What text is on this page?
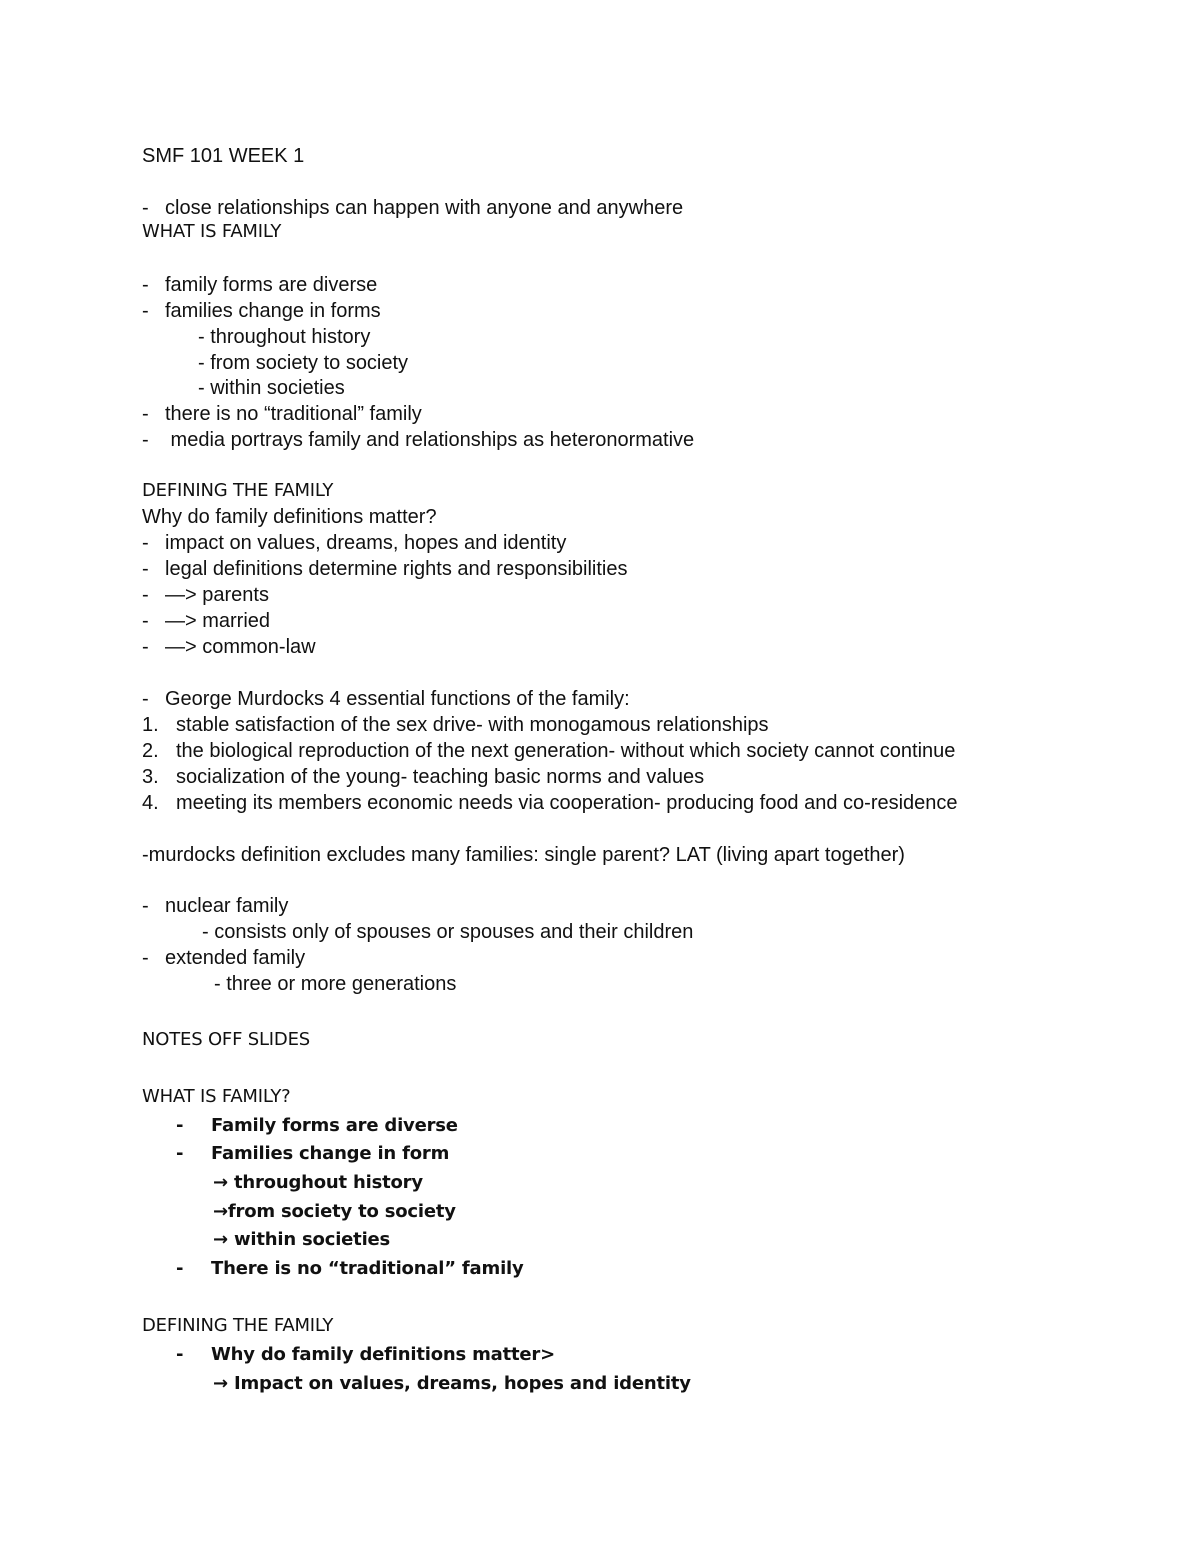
SMF 101 WEEK 1
- close relationships can happen with anyone and anywhere
WHAT IS FAMILY
- family forms are diverse
- families change in forms
- throughout history
- from society to society
- within societies
- there is no “traditional” family
- media portrays family and relationships as heteronormative
DEFINING THE FAMILY
Why do family definitions matter?
- impact on values, dreams, hopes and identity
- legal definitions determine rights and responsibilities
- —> parents
- —> married
- —> common-law
- George Murdocks 4 essential functions of the family:
1. stable satisfaction of the sex drive- with monogamous relationships
2. the biological reproduction of the next generation- without which society cannot continue
3. socialization of the young- teaching basic norms and values
4. meeting its members economic needs via cooperation- producing food and co-residence
-murdocks definition excludes many families: single parent? LAT (living apart together)
- nuclear family
- consists only of spouses or spouses and their children
- extended family
- three or more generations
NOTES OFF SLIDES
WHAT IS FAMILY?
- Family forms are diverse
- Families change in form
→ throughout history
→from society to society
→ within societies
- There is no “traditional” family
DEFINING THE FAMILY
- Why do family definitions matter>
→ Impact on values, dreams, hopes and identity
